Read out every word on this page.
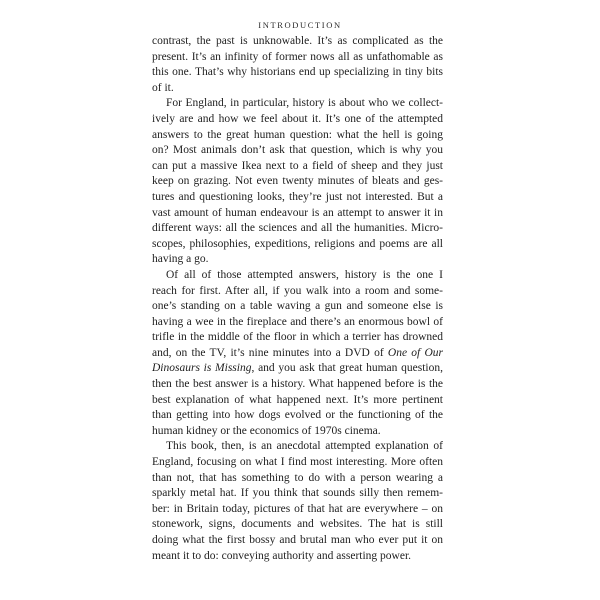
INTRODUCTION
contrast, the past is unknowable. It’s as complicated as the
present. It’s an infinity of former nows all as unfathomable as
this one. That’s why historians end up specializing in tiny bits
of it.
For England, in particular, history is about who we collect-
ively are and how we feel about it. It’s one of the attempted
answers to the great human question: what the hell is going
on? Most animals don’t ask that question, which is why you
can put a massive Ikea next to a field of sheep and they just
keep on grazing. Not even twenty minutes of bleats and ges-
tures and questioning looks, they’re just not interested. But a
vast amount of human endeavour is an attempt to answer it in
different ways: all the sciences and all the humanities. Micro-
scopes, philosophies, expeditions, religions and poems are all
having a go.
Of all of those attempted answers, history is the one I
reach for first. After all, if you walk into a room and some-
one’s standing on a table waving a gun and someone else is
having a wee in the fireplace and there’s an enormous bowl of
trifle in the middle of the floor in which a terrier has drowned
and, on the TV, it’s nine minutes into a DVD of One of Our
Dinosaurs is Missing, and you ask that great human question,
then the best answer is a history. What happened before is the
best explanation of what happened next. It’s more pertinent
than getting into how dogs evolved or the functioning of the
human kidney or the economics of 1970s cinema.
This book, then, is an anecdotal attempted explanation of
England, focusing on what I find most interesting. More often
than not, that has something to do with a person wearing a
sparkly metal hat. If you think that sounds silly then remem-
ber: in Britain today, pictures of that hat are everywhere – on
stonework, signs, documents and websites. The hat is still
doing what the first bossy and brutal man who ever put it on
meant it to do: conveying authority and asserting power.
